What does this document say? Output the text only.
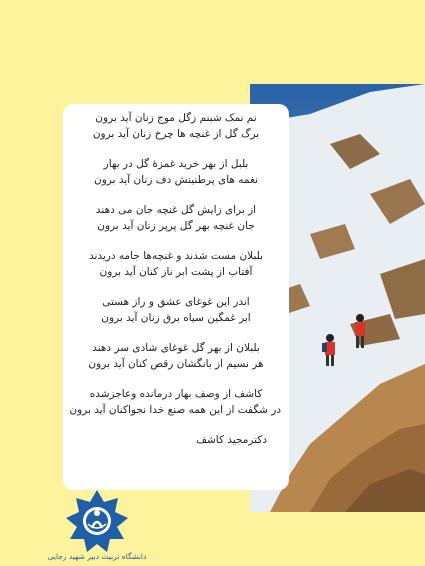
نم نمک شبنم زگل موج زنان آید برون
برگ گل از غنچه ها چرخ زنان آید برون
بلبل از بهر خرید غمزهٔ گل در بهار
نغمه های پرطنینش دف زنان آید برون
از برای زایش گل غنچه جان می دهند
جان غنچه بهر گل پرپر زنان آید برون
بلبلان مست شدند و غنچه‌ها جامه دریدند
آفتاب از پشت ابر ناز کنان آید برون
اندر این غوغای عشق و راز هستی
ابر غمگین سیاه برق زنان آید برون
بلبلان از بهر گل غوغای شادی سر دهند
هر نسیم از بانگشان رقص کنان آید برون
کاشف از وصف بهار درمانده وعاجزشده
در شگفت از این همه صنع خدا نجواکنان آید برون
دکترمجید کاشف
دانشگاه تربیت دبیر شهید رجایی
